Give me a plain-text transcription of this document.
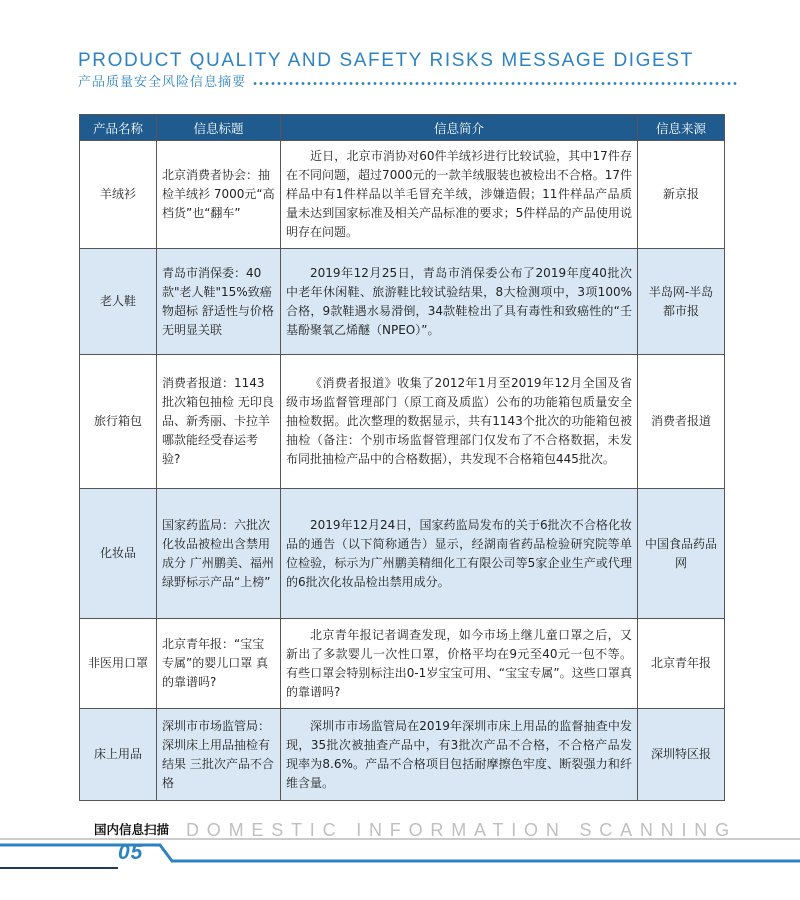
PRODUCT QUALITY AND SAFETY RISKS MESSAGE DIGEST
产品质量安全风险信息摘要
产品名称	信息标题	信息简介	信息来源
羊绒衫	北京消费者协会：抽检羊绒衫 7000元“高档货”也“翻车”	近日，北京市消协对60件羊绒衫进行比较试验，其中17件存在不同问题，超过7000元的一款羊绒服装也被检出不合格。17件样品中有1件样品以羊毛冒充羊绒，涉嫌造假；11件样品产品质量未达到国家标准及相关产品标准的要求；5件样品的产品使用说明存在问题。	新京报
老人鞋	青岛市消保委：40款"老人鞋"15%致癌物超标 舒适性与价格无明显关联	2019年12月25日，青岛市消保委公布了2019年度40批次中老年休闲鞋、旅游鞋比较试验结果，8大检测项中，3项100%合格，9款鞋遇水易滑倒，34款鞋检出了具有毒性和致癌性的“壬基酚聚氧乙烯醚（NPEO）”。	半岛网-半岛都市报
旅行箱包	消费者报道：1143批次箱包抽检 无印良品、新秀丽、卡拉羊哪款能经受春运考验?	《消费者报道》收集了2012年1月至2019年12月全国及省级市场监督管理部门（原工商及质监）公布的功能箱包质量安全抽检数据。此次整理的数据显示，共有1143个批次的功能箱包被抽检（备注：个别市场监督管理部门仅发布了不合格数据，未发布同批抽检产品中的合格数据），共发现不合格箱包445批次。	消费者报道
化妆品	国家药监局：六批次化妆品被检出含禁用成分 广州鹏美、福州绿野标示产品“上榜”	2019年12月24日，国家药监局发布的关于6批次不合格化妆品的通告（以下简称通告）显示，经湖南省药品检验研究院等单位检验，标示为广州鹏美精细化工有限公司等5家企业生产或代理的6批次化妆品检出禁用成分。	中国食品药品网
非医用口罩	北京青年报：“宝宝专属”的婴儿口罩 真的靠谱吗?	北京青年报记者调查发现，如今市场上继儿童口罩之后，又新出了多款婴儿一次性口罩，价格平均在9元至40元一包不等。有些口罩会特别标注出0-1岁宝宝可用、“宝宝专属”。这些口罩真的靠谱吗?	北京青年报
床上用品	深圳市市场监管局：深圳床上用品抽检有结果 三批次产品不合格	深圳市市场监管局在2019年深圳市床上用品的监督抽查中发现，35批次被抽查产品中，有3批次产品不合格，不合格产品发现率为8.6%。产品不合格项目包括耐摩擦色牢度、断裂强力和纤维含量。	深圳特区报
国内信息扫描 DOMESTIC INFORMATION SCANNING
05
